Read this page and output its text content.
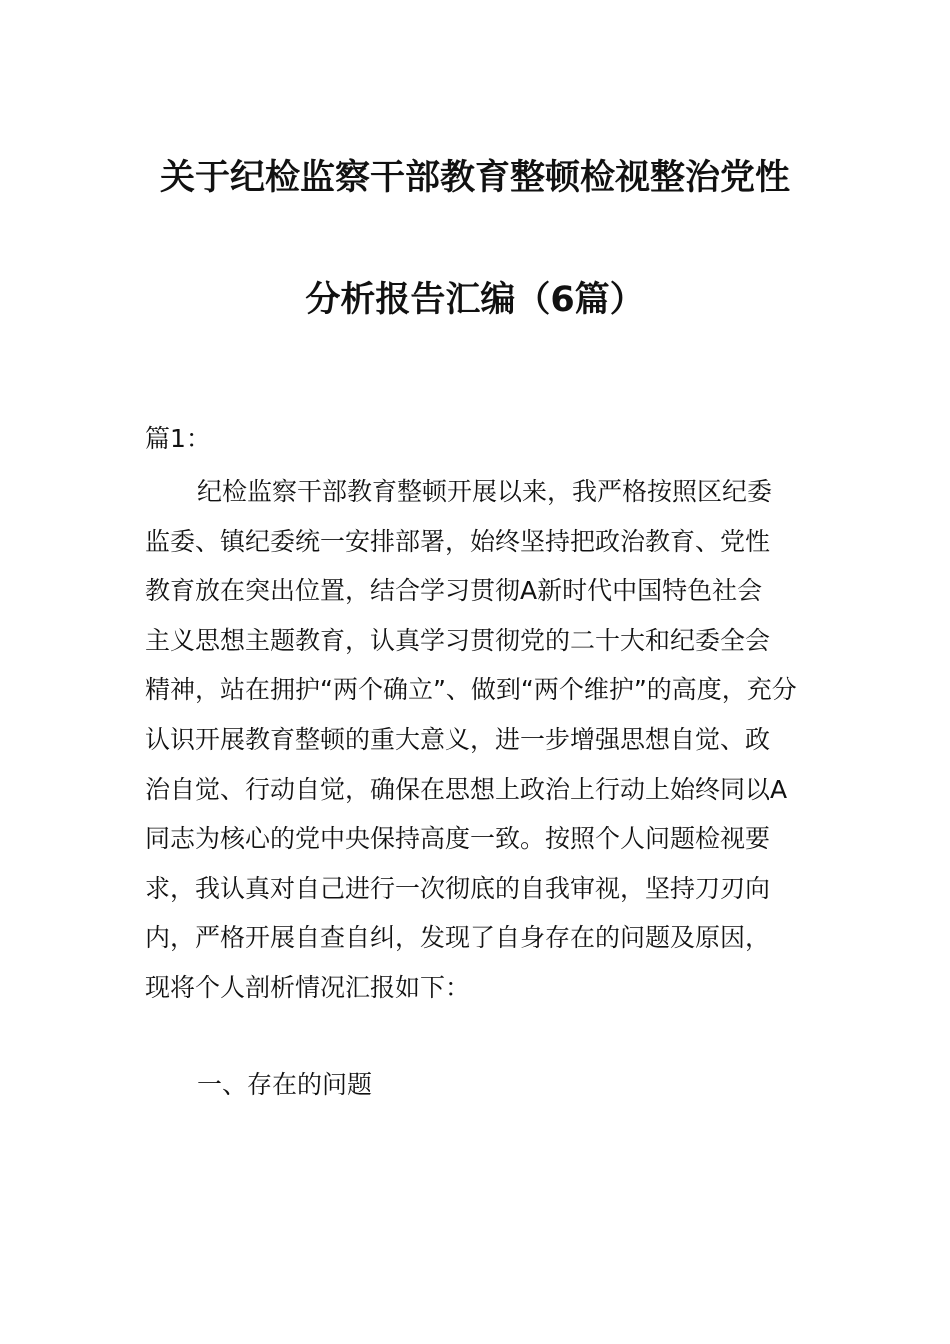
关于纪检监察干部教育整顿检视整治党性
分析报告汇编（6篇）
篇1：
纪检监察干部教育整顿开展以来，我严格按照区纪委
监委、镇纪委统一安排部署，始终坚持把政治教育、党性
教育放在突出位置，结合学习贯彻A新时代中国特色社会
主义思想主题教育，认真学习贯彻党的二十大和纪委全会
精神，站在拥护“两个确立”、做到“两个维护”的高度，充分
认识开展教育整顿的重大意义，进一步增强思想自觉、政
治自觉、行动自觉，确保在思想上政治上行动上始终同以A
同志为核心的党中央保持高度一致。按照个人问题检视要
求，我认真对自己进行一次彻底的自我审视，坚持刀刃向
内，严格开展自查自纠，发现了自身存在的问题及原因，
现将个人剖析情况汇报如下：
一、存在的问题
